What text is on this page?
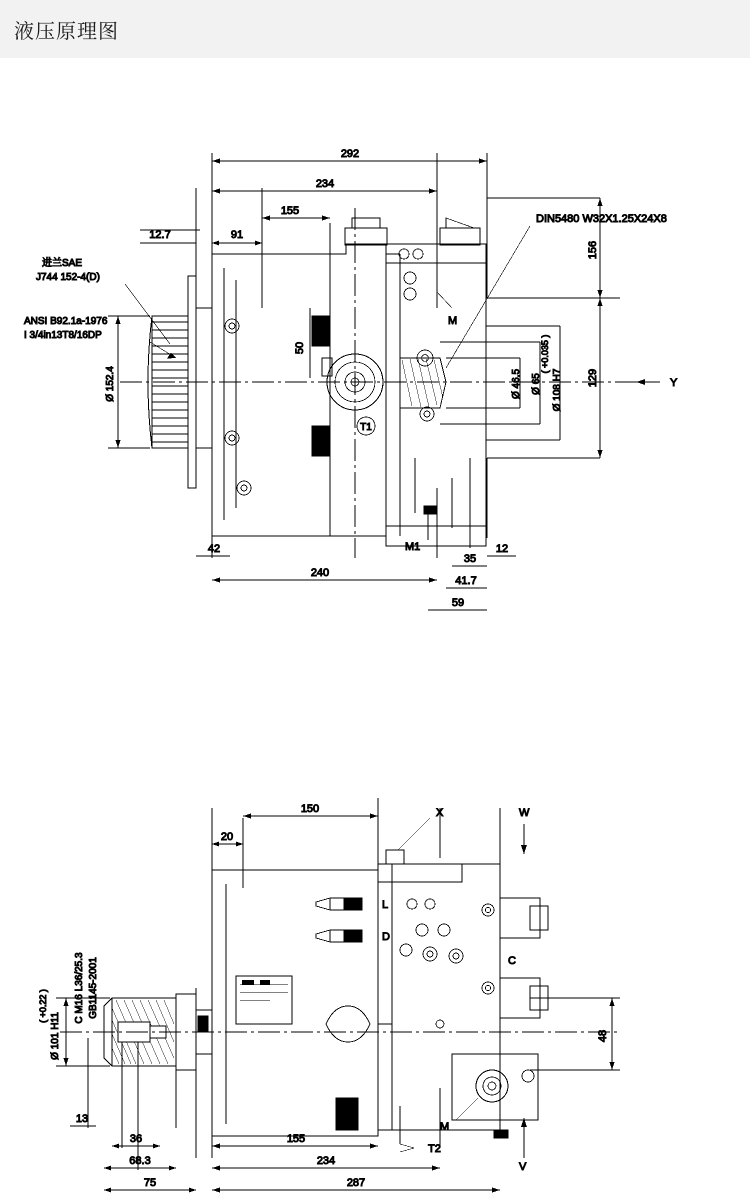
液压原理图
292
234
155
12.7	91
Ø 46.5 Ø 65 Ø 108 H7
( +0.035 )
156
129	Y
Ø 152.4
50
42
240
35
41.7
59
12
M1
M
T1
DIN5480 W32X1.25X24X8
进兰SAE
J744 152-4(D)
ANSI B92.1a-1976
I 3/4in13T8/16DP
150
20
X	W
L
D
C
M
T2
48
V
Ø 101 H11
( +0.22 )	C M16 L36/25.3 GB1145-2001
13
36
68.3
75
155
234
287
